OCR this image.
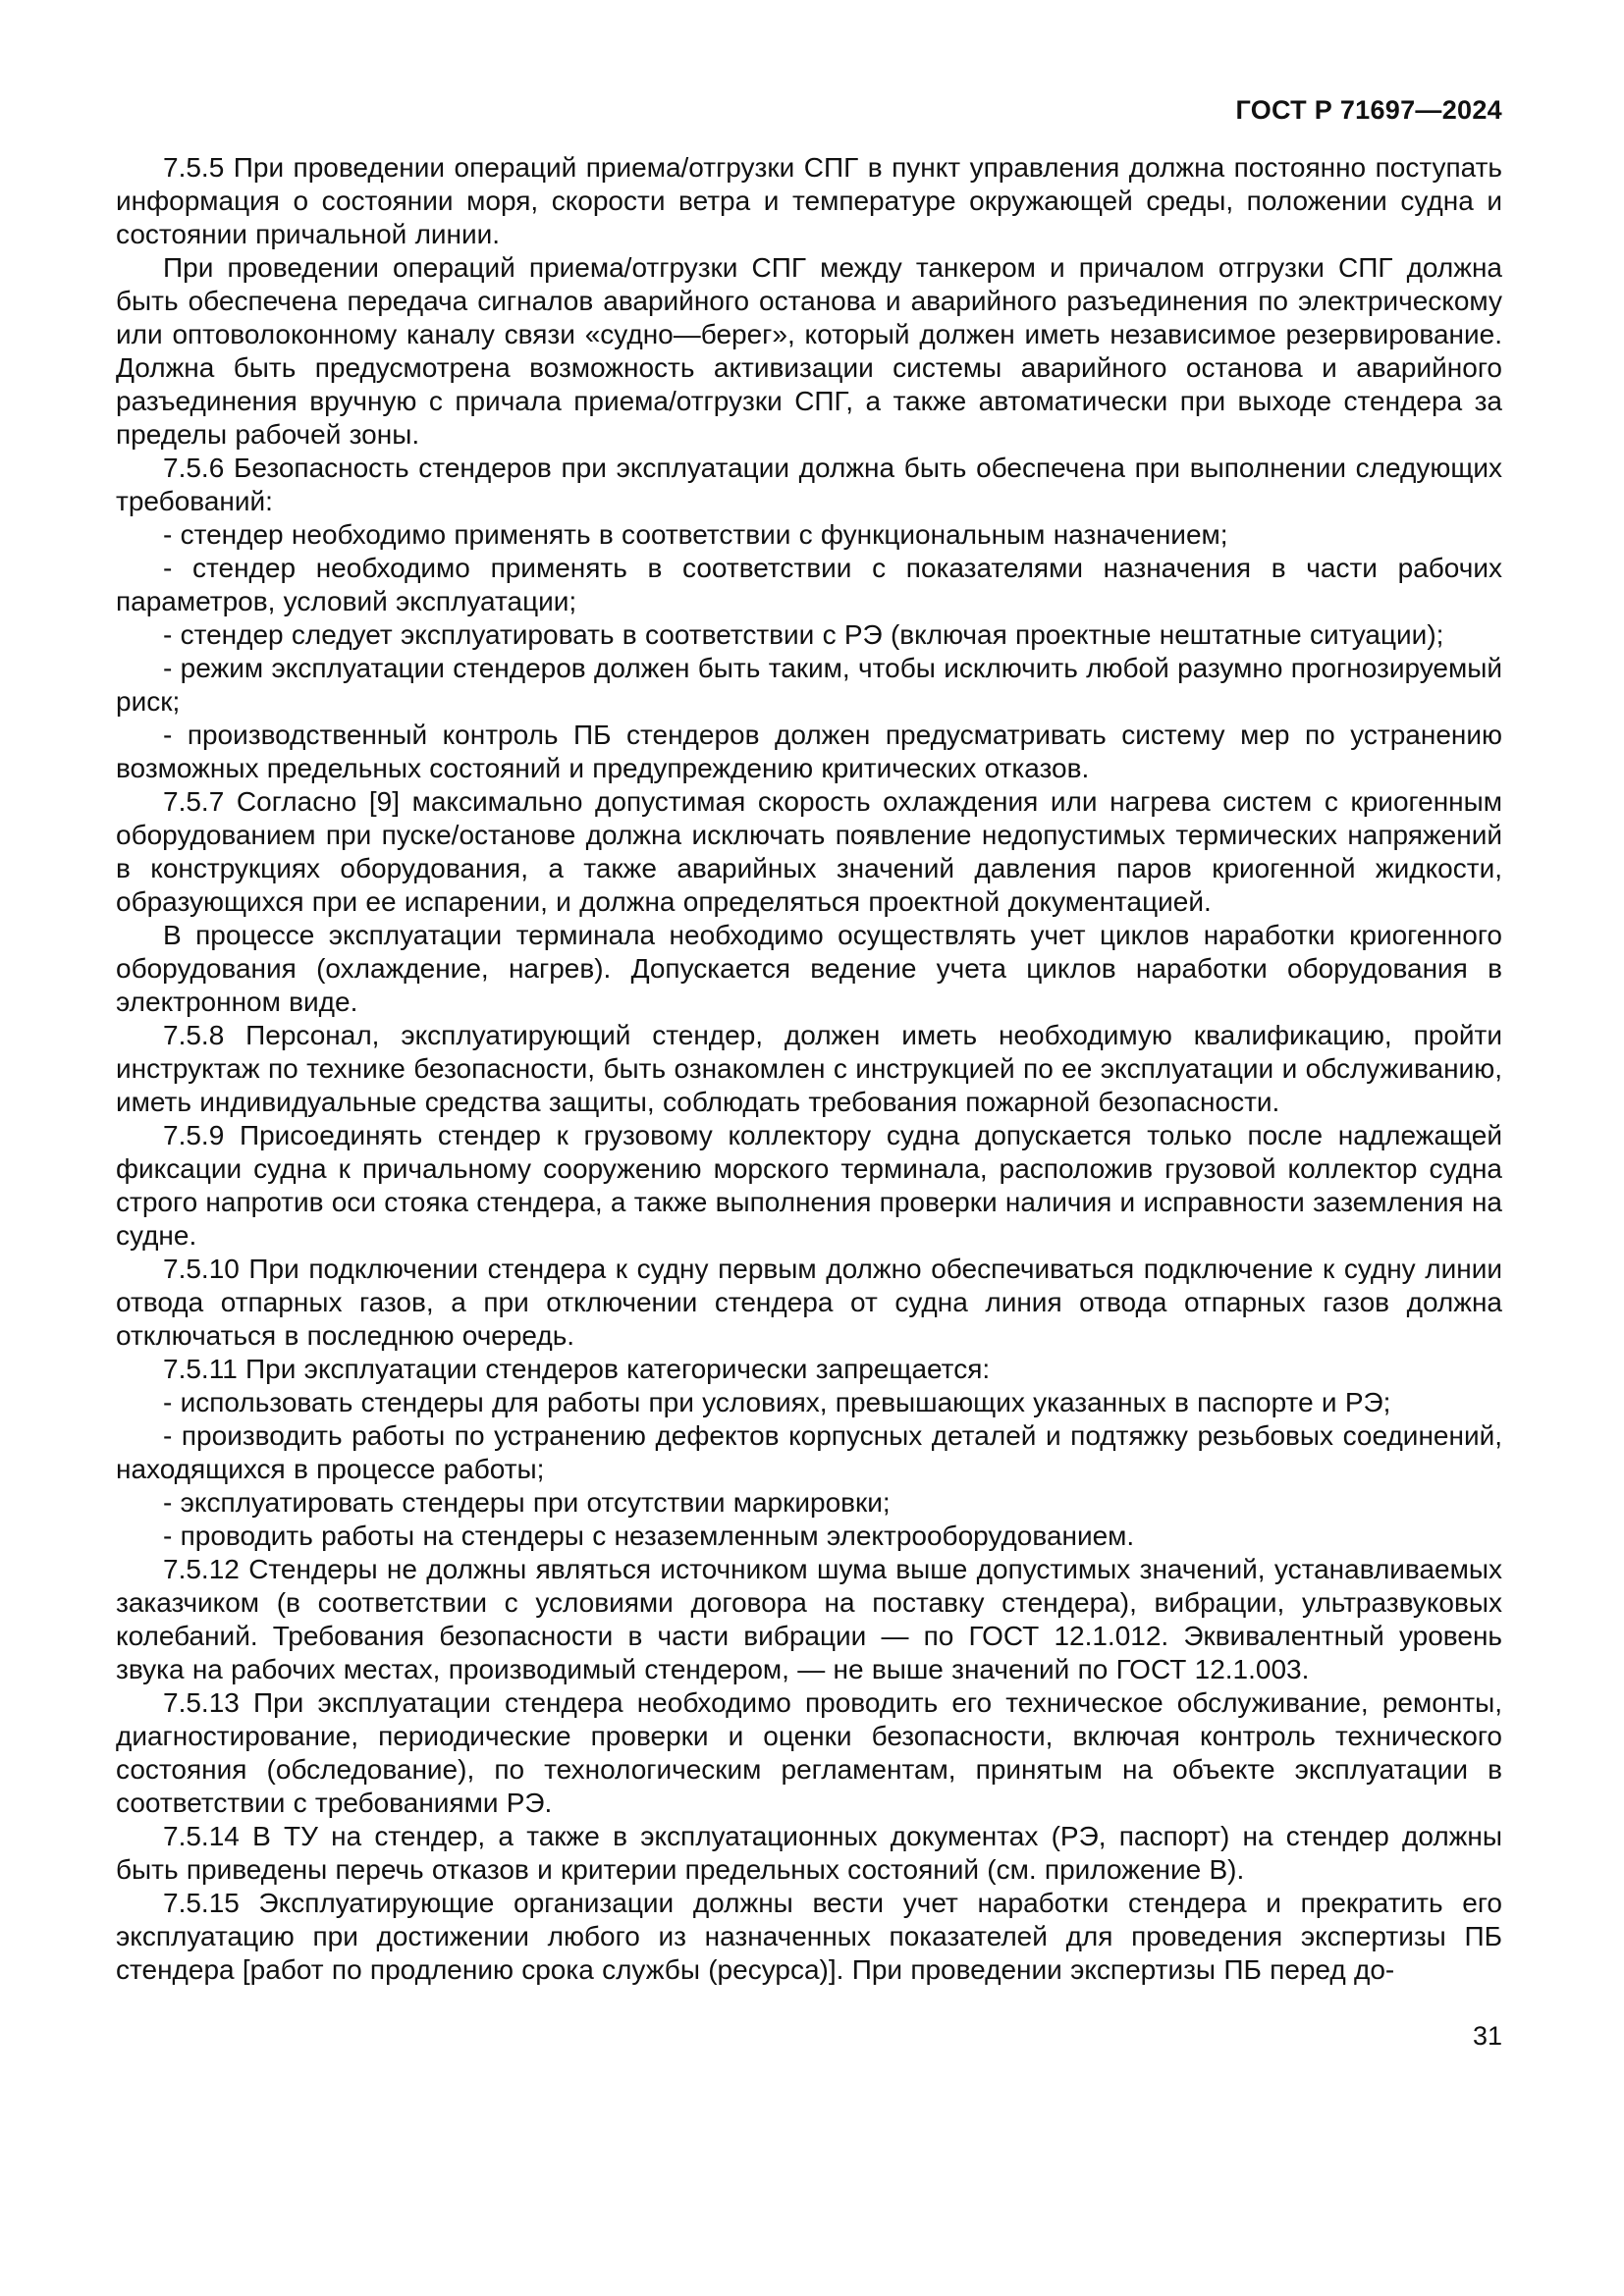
ГОСТ Р 71697—2024

7.5.5 При проведении операций приема/отгрузки СПГ в пункт управления должна постоянно поступать информация о состоянии моря, скорости ветра и температуре окружающей среды, положении судна и состоянии причальной линии.

При проведении операций приема/отгрузки СПГ между танкером и причалом отгрузки СПГ должна быть обеспечена передача сигналов аварийного останова и аварийного разъединения по электрическому или оптоволоконному каналу связи «судно—берег», который должен иметь независимое резервирование. Должна быть предусмотрена возможность активизации системы аварийного останова и аварийного разъединения вручную с причала приема/отгрузки СПГ, а также автоматически при выходе стендера за пределы рабочей зоны.

7.5.6 Безопасность стендеров при эксплуатации должна быть обеспечена при выполнении следующих требований:

- стендер необходимо применять в соответствии с функциональным назначением;

- стендер необходимо применять в соответствии с показателями назначения в части рабочих параметров, условий эксплуатации;

- стендер следует эксплуатировать в соответствии с РЭ (включая проектные нештатные ситуации);

- режим эксплуатации стендеров должен быть таким, чтобы исключить любой разумно прогнозируемый риск;

- производственный контроль ПБ стендеров должен предусматривать систему мер по устранению возможных предельных состояний и предупреждению критических отказов.

7.5.7 Согласно [9] максимально допустимая скорость охлаждения или нагрева систем с криогенным оборудованием при пуске/останове должна исключать появление недопустимых термических напряжений в конструкциях оборудования, а также аварийных значений давления паров криогенной жидкости, образующихся при ее испарении, и должна определяться проектной документацией.

В процессе эксплуатации терминала необходимо осуществлять учет циклов наработки криогенного оборудования (охлаждение, нагрев). Допускается ведение учета циклов наработки оборудования в электронном виде.

7.5.8 Персонал, эксплуатирующий стендер, должен иметь необходимую квалификацию, пройти инструктаж по технике безопасности, быть ознакомлен с инструкцией по ее эксплуатации и обслуживанию, иметь индивидуальные средства защиты, соблюдать требования пожарной безопасности.

7.5.9 Присоединять стендер к грузовому коллектору судна допускается только после надлежащей фиксации судна к причальному сооружению морского терминала, расположив грузовой коллектор судна строго напротив оси стояка стендера, а также выполнения проверки наличия и исправности заземления на судне.

7.5.10 При подключении стендера к судну первым должно обеспечиваться подключение к судну линии отвода отпарных газов, а при отключении стендера от судна линия отвода отпарных газов должна отключаться в последнюю очередь.

7.5.11 При эксплуатации стендеров категорически запрещается:

- использовать стендеры для работы при условиях, превышающих указанных в паспорте и РЭ;

- производить работы по устранению дефектов корпусных деталей и подтяжку резьбовых соединений, находящихся в процессе работы;

- эксплуатировать стендеры при отсутствии маркировки;

- проводить работы на стендеры с незаземленным электрооборудованием.

7.5.12 Стендеры не должны являться источником шума выше допустимых значений, устанавливаемых заказчиком (в соответствии с условиями договора на поставку стендера), вибрации, ультразвуковых колебаний. Требования безопасности в части вибрации — по ГОСТ 12.1.012. Эквивалентный уровень звука на рабочих местах, производимый стендером, — не выше значений по ГОСТ 12.1.003.

7.5.13 При эксплуатации стендера необходимо проводить его техническое обслуживание, ремонты, диагностирование, периодические проверки и оценки безопасности, включая контроль технического состояния (обследование), по технологическим регламентам, принятым на объекте эксплуатации в соответствии с требованиями РЭ.

7.5.14 В ТУ на стендер, а также в эксплуатационных документах (РЭ, паспорт) на стендер должны быть приведены перечь отказов и критерии предельных состояний (см. приложение В).

7.5.15 Эксплуатирующие организации должны вести учет наработки стендера и прекратить его эксплуатацию при достижении любого из назначенных показателей для проведения экспертизы ПБ стендера [работ по продлению срока службы (ресурса)]. При проведении экспертизы ПБ перед до-

31
